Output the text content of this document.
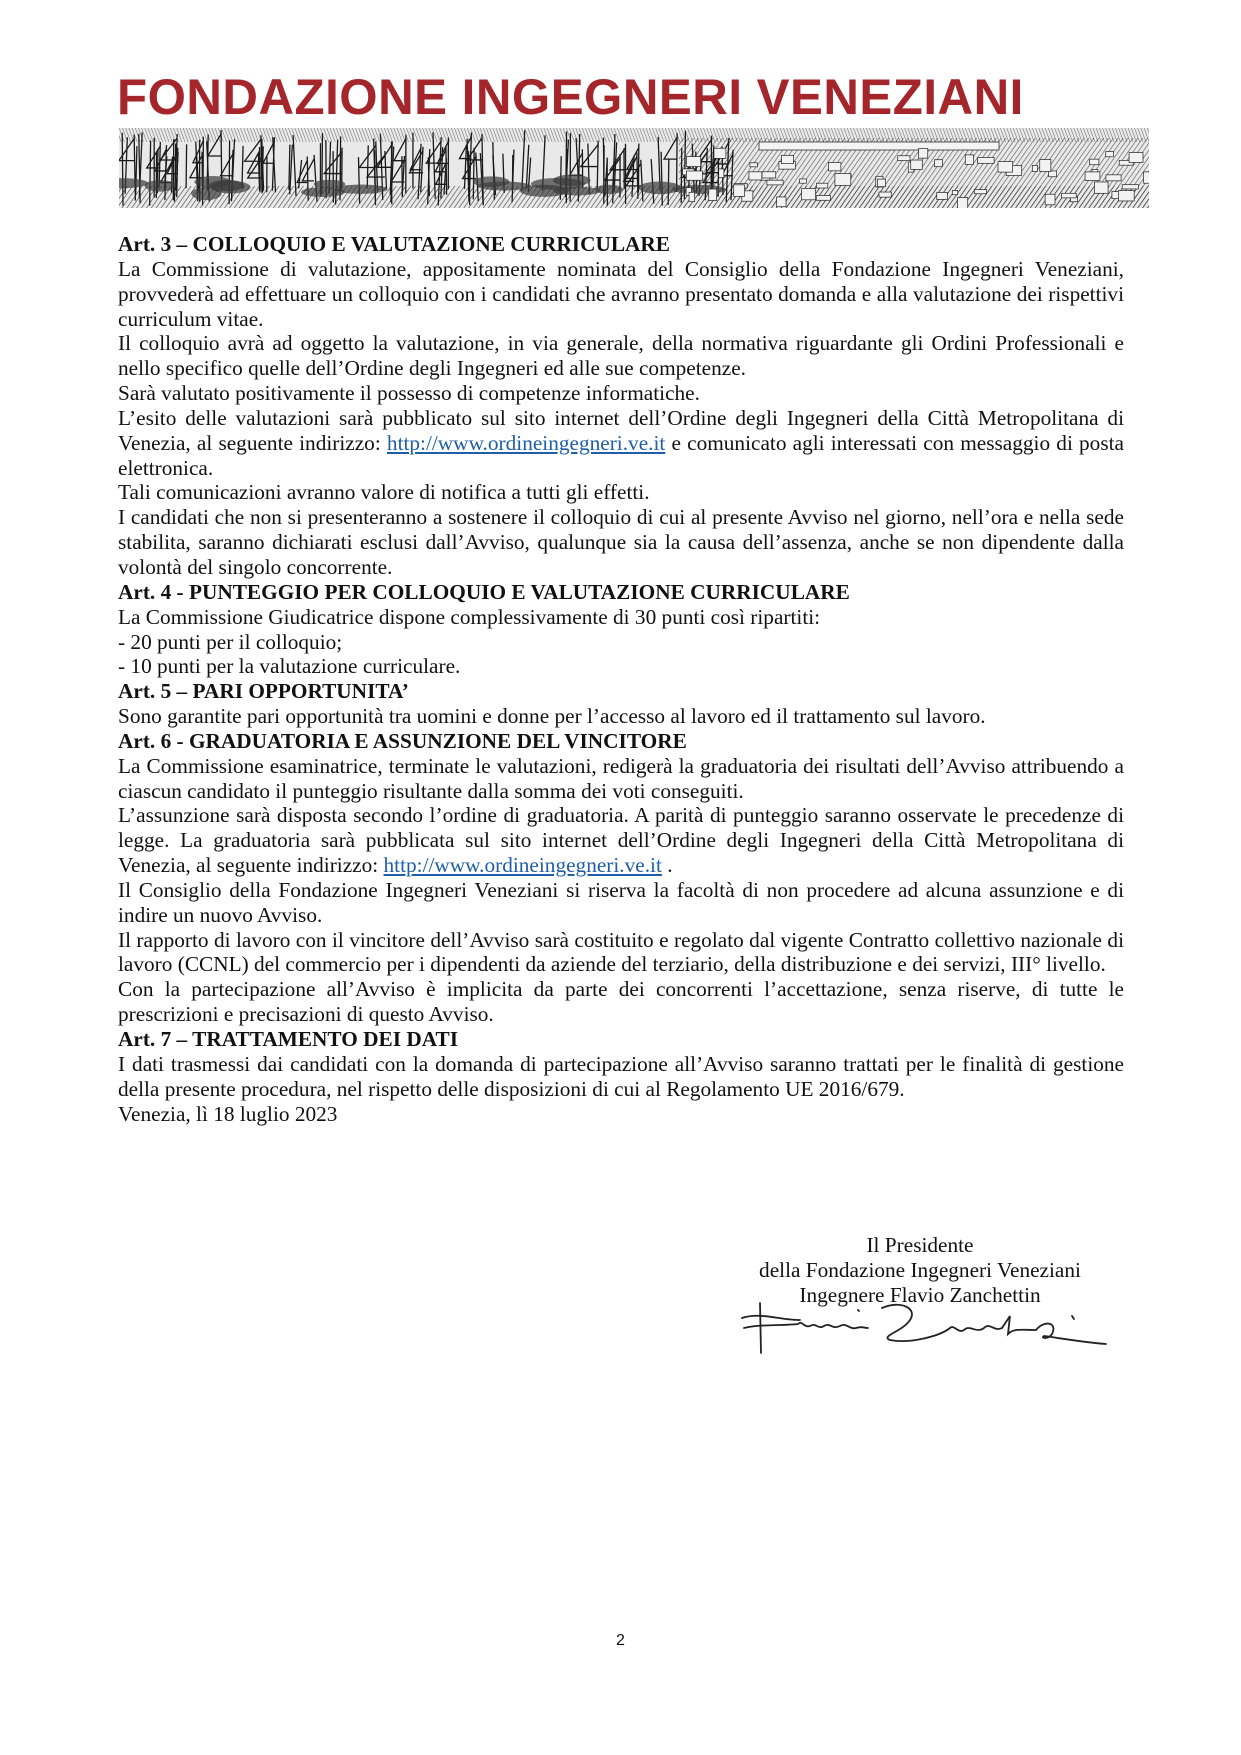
FONDAZIONE INGEGNERI VENEZIANI

Art. 3 – COLLOQUIO E VALUTAZIONE CURRICULARE

La Commissione di valutazione, appositamente nominata del Consiglio della Fondazione Ingegneri Veneziani, provvederà ad effettuare un colloquio con i candidati che avranno presentato domanda e alla valutazione dei rispettivi curriculum vitae.

Il colloquio avrà ad oggetto la valutazione, in via generale, della normativa riguardante gli Ordini Professionali e nello specifico quelle dell’Ordine degli Ingegneri ed alle sue competenze.

Sarà valutato positivamente il possesso di competenze informatiche.

L’esito delle valutazioni sarà pubblicato sul sito internet dell’Ordine degli Ingegneri della Città Metropolitana di Venezia, al seguente indirizzo: http://www.ordineingegneri.ve.it e comunicato agli interessati con messaggio di posta elettronica.

Tali comunicazioni avranno valore di notifica a tutti gli effetti.

I candidati che non si presenteranno a sostenere il colloquio di cui al presente Avviso nel giorno, nell’ora e nella sede stabilita, saranno dichiarati esclusi dall’Avviso, qualunque sia la causa dell’assenza, anche se non dipendente dalla volontà del singolo concorrente.

Art. 4 - PUNTEGGIO PER COLLOQUIO E VALUTAZIONE CURRICULARE

La Commissione Giudicatrice dispone complessivamente di 30 punti così ripartiti:

- 20 punti per il colloquio;

- 10 punti per la valutazione curriculare.

Art. 5 – PARI OPPORTUNITA’

Sono garantite pari opportunità tra uomini e donne per l’accesso al lavoro ed il trattamento sul lavoro.

Art. 6 - GRADUATORIA E ASSUNZIONE DEL VINCITORE

La Commissione esaminatrice, terminate le valutazioni, redigerà la graduatoria dei risultati dell’Avviso attribuendo a ciascun candidato il punteggio risultante dalla somma dei voti conseguiti.

L’assunzione sarà disposta secondo l’ordine di graduatoria. A parità di punteggio saranno osservate le precedenze di legge. La graduatoria sarà pubblicata sul sito internet dell’Ordine degli Ingegneri della Città Metropolitana di Venezia, al seguente indirizzo: http://www.ordineingegneri.ve.it .

Il Consiglio della Fondazione Ingegneri Veneziani si riserva la facoltà di non procedere ad alcuna assunzione e di indire un nuovo Avviso.

Il rapporto di lavoro con il vincitore dell’Avviso sarà costituito e regolato dal vigente Contratto collettivo nazionale di lavoro (CCNL) del commercio per i dipendenti da aziende del terziario, della distribuzione e dei servizi, III° livello.

Con la partecipazione all’Avviso è implicita da parte dei concorrenti l’accettazione, senza riserve, di tutte le prescrizioni e precisazioni di questo Avviso.

Art. 7 – TRATTAMENTO DEI DATI

I dati trasmessi dai candidati con la domanda di partecipazione all’Avviso saranno trattati per le finalità di gestione della presente procedura, nel rispetto delle disposizioni di cui al Regolamento UE 2016/679.

Venezia, lì 18 luglio 2023

Il Presidente

della Fondazione Ingegneri Veneziani

Ingegnere Flavio Zanchettin

2
